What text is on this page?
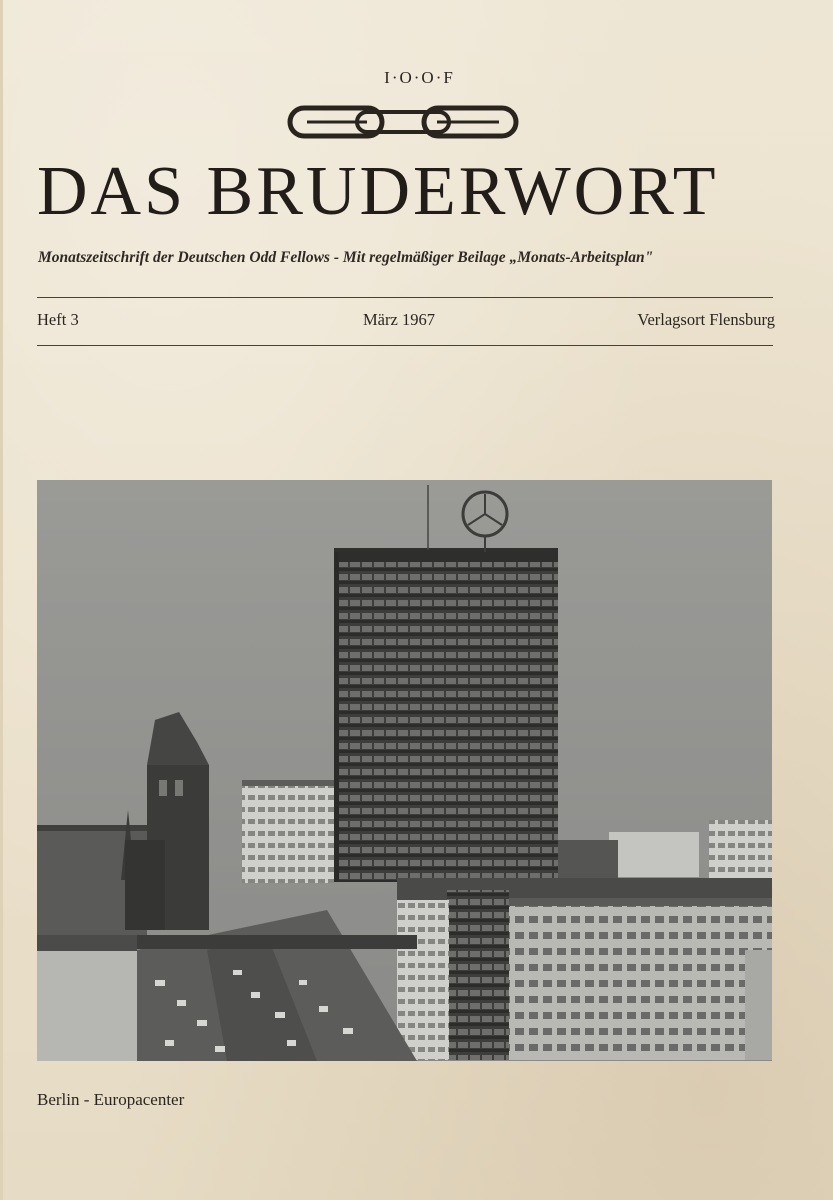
I·O·O·F
DAS BRUDERWORT
Monatszeitschrift der Deutschen Odd Fellows - Mit regelmäßiger Beilage „Monats-Arbeitsplan"
Heft 3	März 1967	Verlagsort Flensburg
Berlin - Europacenter
